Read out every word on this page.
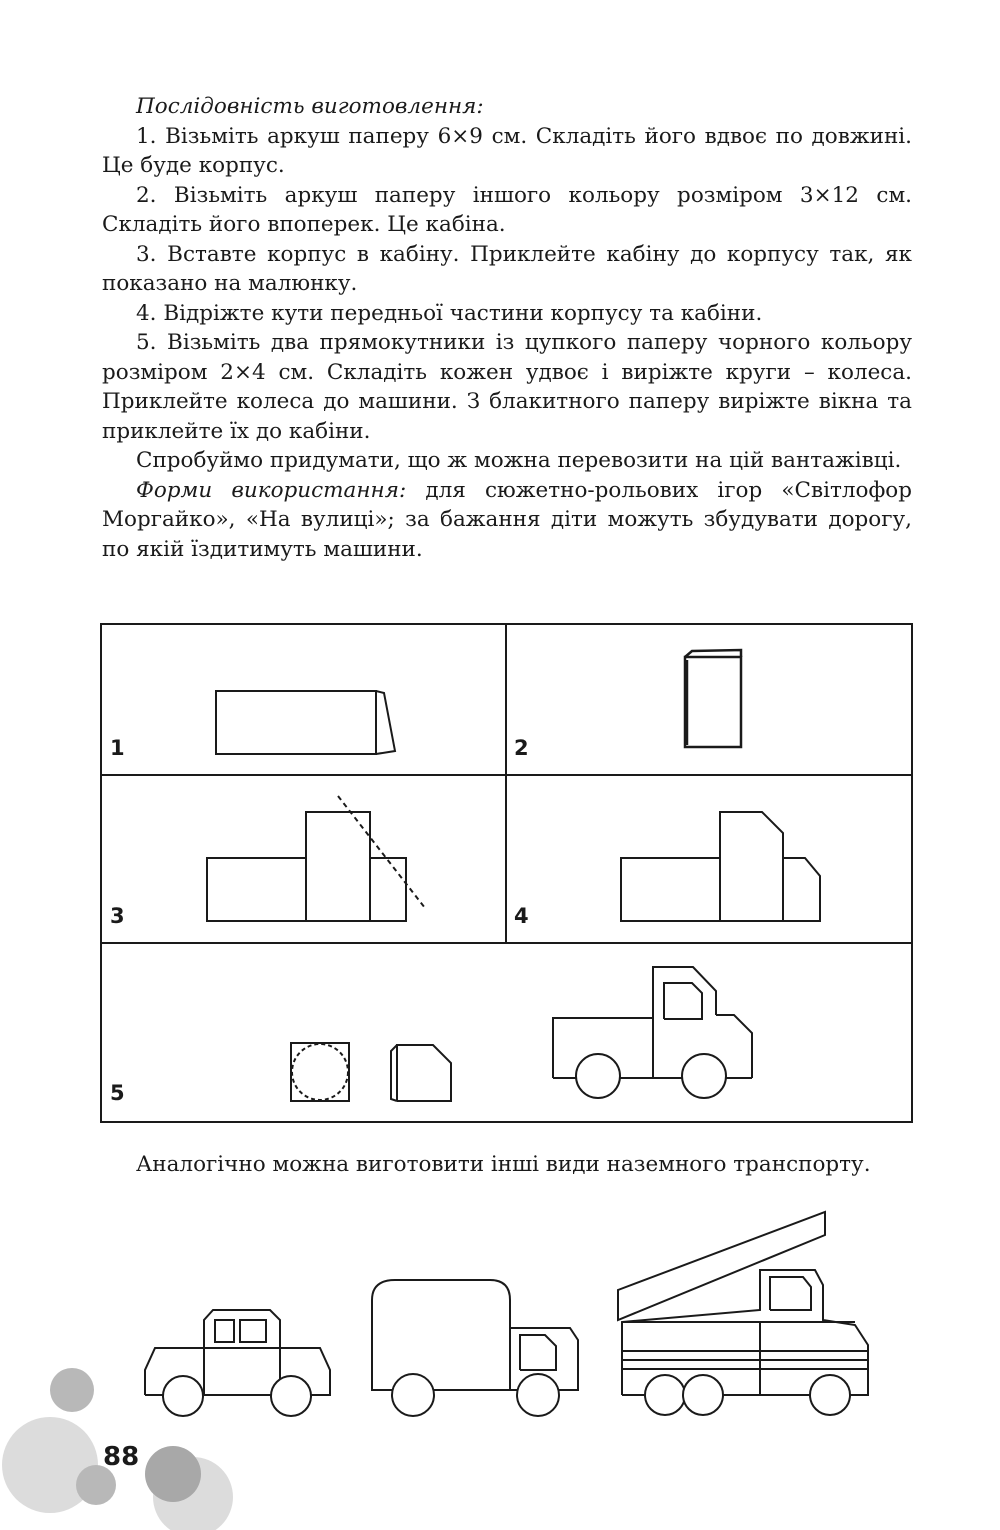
Послідовність виготовлення:

1. Візьміть аркуш паперу 6×9 см. Складіть його вдвоє по довжині. Це буде корпус.

2. Візьміть аркуш паперу іншого кольору розміром 3×12 см. Складіть його впоперек. Це кабіна.

3. Вставте корпус в кабіну. Приклейте кабіну до корпусу так, як показано на малюнку.

4. Відріжте кути передньої частини корпусу та кабіни.

5. Візьміть два прямокутники із цупкого паперу чорного кольору розміром 2×4 см. Складіть кожен удвоє і виріжте круги – колеса. Приклейте колеса до машини. З блакитного паперу виріжте вікна та приклейте їх до кабіни.

Спробуймо придумати, що ж можна перевозити на цій вантажівці.

Форми використання: для сюжетно-рольових ігор «Світлофор Моргайко», «На вулиці»; за бажання діти можуть збудувати дорогу, по якій їздитимуть машини.

1	2
3	4
5

Аналогічно можна виготовити інші види наземного транспорту.

88
